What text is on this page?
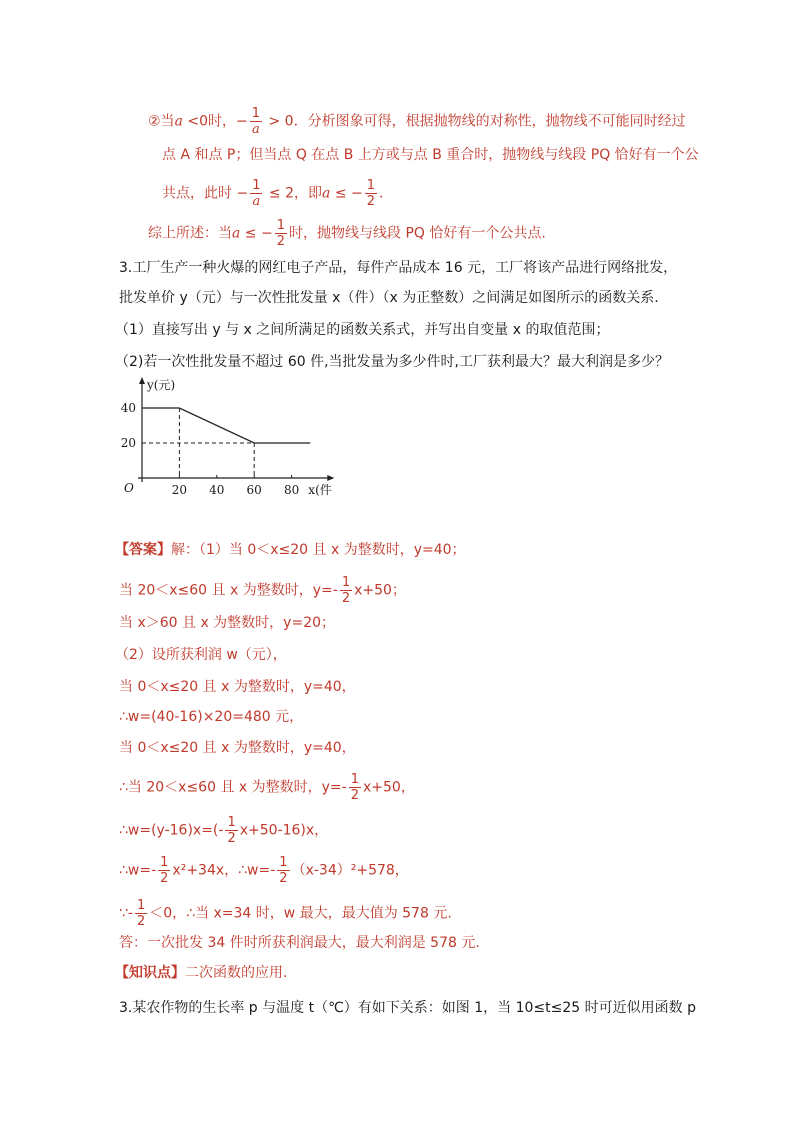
②当a <0时，− $\frac{1}{a} > 0$．分析图象可得，根据抛物线的对称性，抛物线不可能同时经过
点 A 和点 P；但当点 Q 在点 B 上方或与点 B 重合时，抛物线与线段 PQ 恰好有一个公
共点，此时 − $\frac{1}{a} \le 2$，即a ≤ − $\frac{1}{2}$ ．
综上所述：当a ≤ − $\frac{1}{2}$ 时，抛物线与线段 PQ 恰好有一个公共点.
3.工厂生产一种火爆的网红电子产品，每件产品成本 16 元，工厂将该产品进行网络批发，
批发单价 y（元）与一次性批发量 x（件）（x 为正整数）之间满足如图所示的函数关系.
（1）直接写出 y 与 x 之间所满足的函数关系式，并写出自变量 x 的取值范围；
（2)若一次性批发量不超过 60 件,当批发量为多少件时,工厂获利最大？最大利润是多少？
O
y(元)
x(件
20 40 60 80
40
20
【答案】解：（1）当 0＜x≤20 且 x 为整数时，y=40；
当 20＜x≤60 且 x 为整数时，$y=- \frac{1}{2} x+50$；
当 x＞60 且 x 为整数时，y=20；
（2）设所获利润 w（元），
当 0＜x≤20 且 x 为整数时，y=40，
∴w=(40-16)×20=480 元，
当 0＜x≤20 且 x 为整数时，y=40，
∴当 20＜x≤60 且 x 为整数时，$y=- \frac{1}{2} x+50$，
∴w=(y-16)x=(- $\frac{1}{2} x+50-16)x$，
∴w=- $\frac{1}{2} x^2+34x$，∴w=- $\frac{1}{2} (x-34)^2+578$，
∵- $\frac{1}{2} <0$，∴当 x=34 时，w 最大，最大值为 578 元.
答：一次批发 34 件时所获利润最大，最大利润是 578 元.
【知识点】二次函数的应用.
3.某农作物的生长率 p 与温度 t（℃）有如下关系：如图 1，当 10≤t≤25 时可近似用函数 p
